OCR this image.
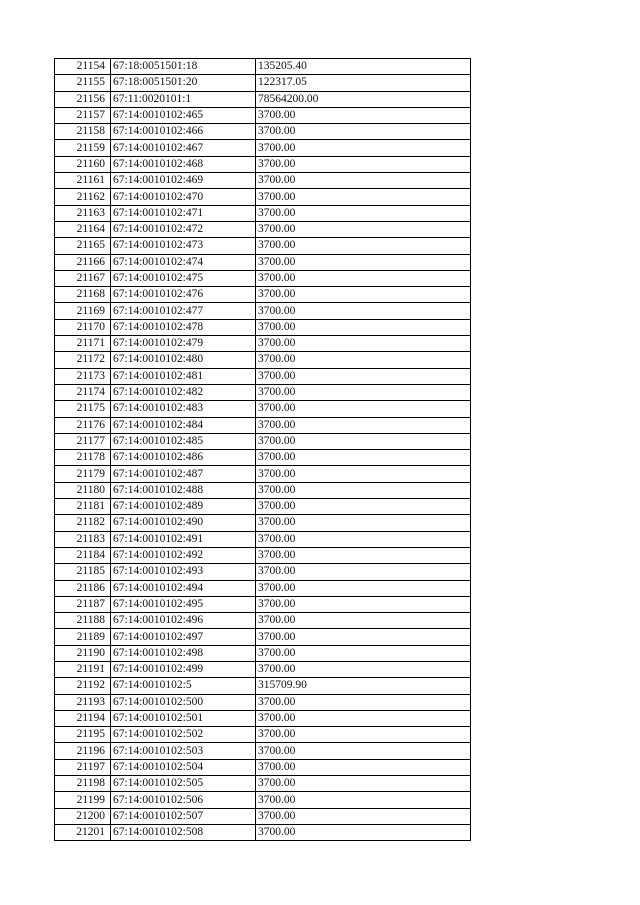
21154	67:18:0051501:18	135205.40
21155	67:18:0051501:20	122317.05
21156	67:11:0020101:1	78564200.00
21157	67:14:0010102:465	3700.00
21158	67:14:0010102:466	3700.00
21159	67:14:0010102:467	3700.00
21160	67:14:0010102:468	3700.00
21161	67:14:0010102:469	3700.00
21162	67:14:0010102:470	3700.00
21163	67:14:0010102:471	3700.00
21164	67:14:0010102:472	3700.00
21165	67:14:0010102:473	3700.00
21166	67:14:0010102:474	3700.00
21167	67:14:0010102:475	3700.00
21168	67:14:0010102:476	3700.00
21169	67:14:0010102:477	3700.00
21170	67:14:0010102:478	3700.00
21171	67:14:0010102:479	3700.00
21172	67:14:0010102:480	3700.00
21173	67:14:0010102:481	3700.00
21174	67:14:0010102:482	3700.00
21175	67:14:0010102:483	3700.00
21176	67:14:0010102:484	3700.00
21177	67:14:0010102:485	3700.00
21178	67:14:0010102:486	3700.00
21179	67:14:0010102:487	3700.00
21180	67:14:0010102:488	3700.00
21181	67:14:0010102:489	3700.00
21182	67:14:0010102:490	3700.00
21183	67:14:0010102:491	3700.00
21184	67:14:0010102:492	3700.00
21185	67:14:0010102:493	3700.00
21186	67:14:0010102:494	3700.00
21187	67:14:0010102:495	3700.00
21188	67:14:0010102:496	3700.00
21189	67:14:0010102:497	3700.00
21190	67:14:0010102:498	3700.00
21191	67:14:0010102:499	3700.00
21192	67:14:0010102:5	315709.90
21193	67:14:0010102:500	3700.00
21194	67:14:0010102:501	3700.00
21195	67:14:0010102:502	3700.00
21196	67:14:0010102:503	3700.00
21197	67:14:0010102:504	3700.00
21198	67:14:0010102:505	3700.00
21199	67:14:0010102:506	3700.00
21200	67:14:0010102:507	3700.00
21201	67:14:0010102:508	3700.00
